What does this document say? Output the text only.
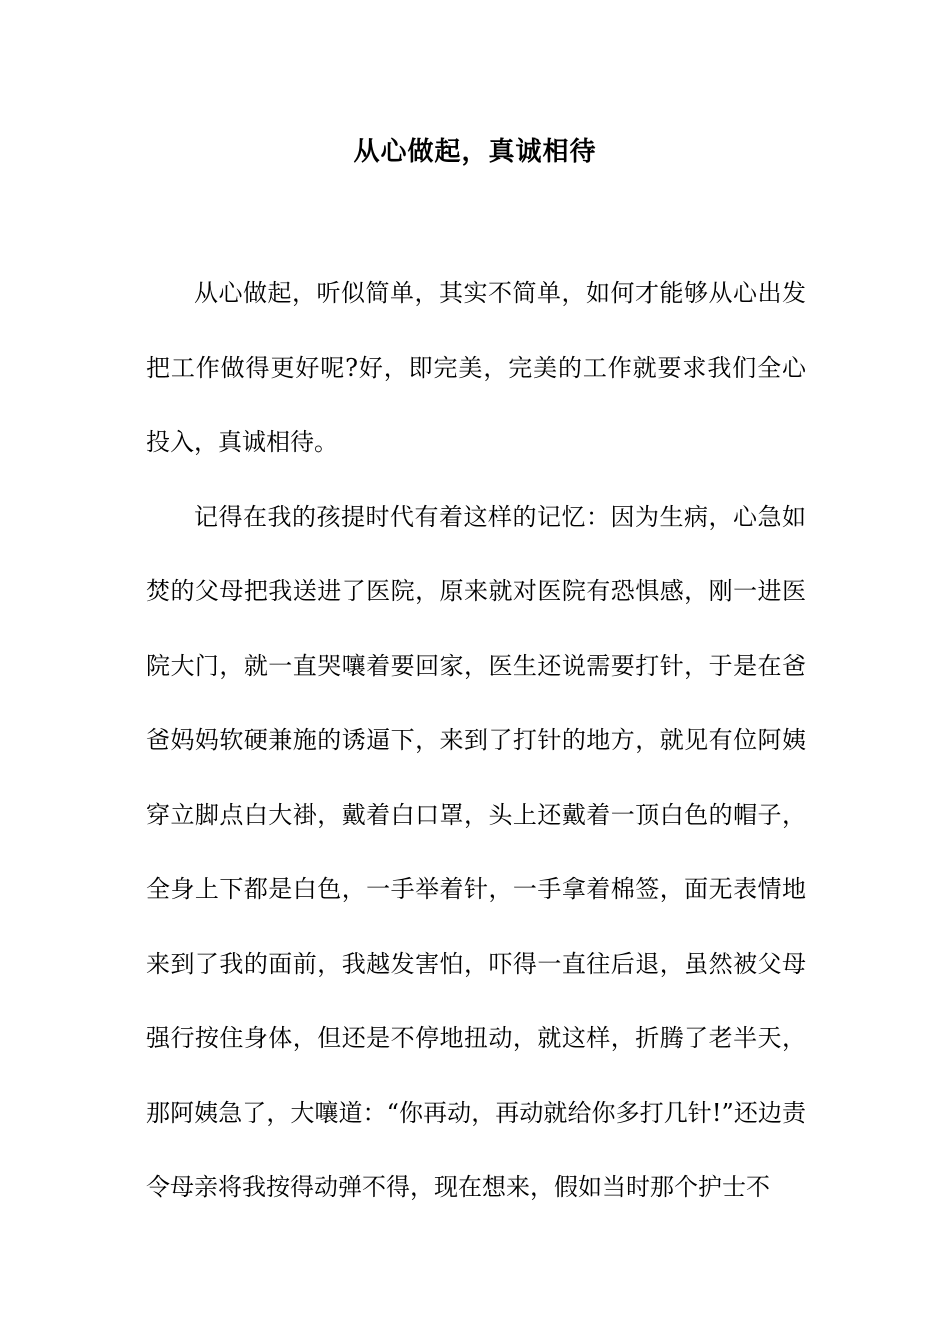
从心做起，真诚相待

从心做起，听似简单，其实不简单，如何才能够从心出发把工作做得更好呢?好，即完美，完美的工作就要求我们全心投入，真诚相待。

记得在我的孩提时代有着这样的记忆：因为生病，心急如焚的父母把我送进了医院，原来就对医院有恐惧感，刚一进医院大门，就一直哭嚷着要回家，医生还说需要打针，于是在爸爸妈妈软硬兼施的诱逼下，来到了打针的地方，就见有位阿姨穿立脚点白大褂，戴着白口罩，头上还戴着一顶白色的帽子，全身上下都是白色，一手举着针，一手拿着棉签，面无表情地来到了我的面前，我越发害怕，吓得一直往后退，虽然被父母强行按住身体，但还是不停地扭动，就这样，折腾了老半天，那阿姨急了，大嚷道：“你再动，再动就给你多打几针!”还边责令母亲将我按得动弹不得，现在想来，假如当时那个护士不
